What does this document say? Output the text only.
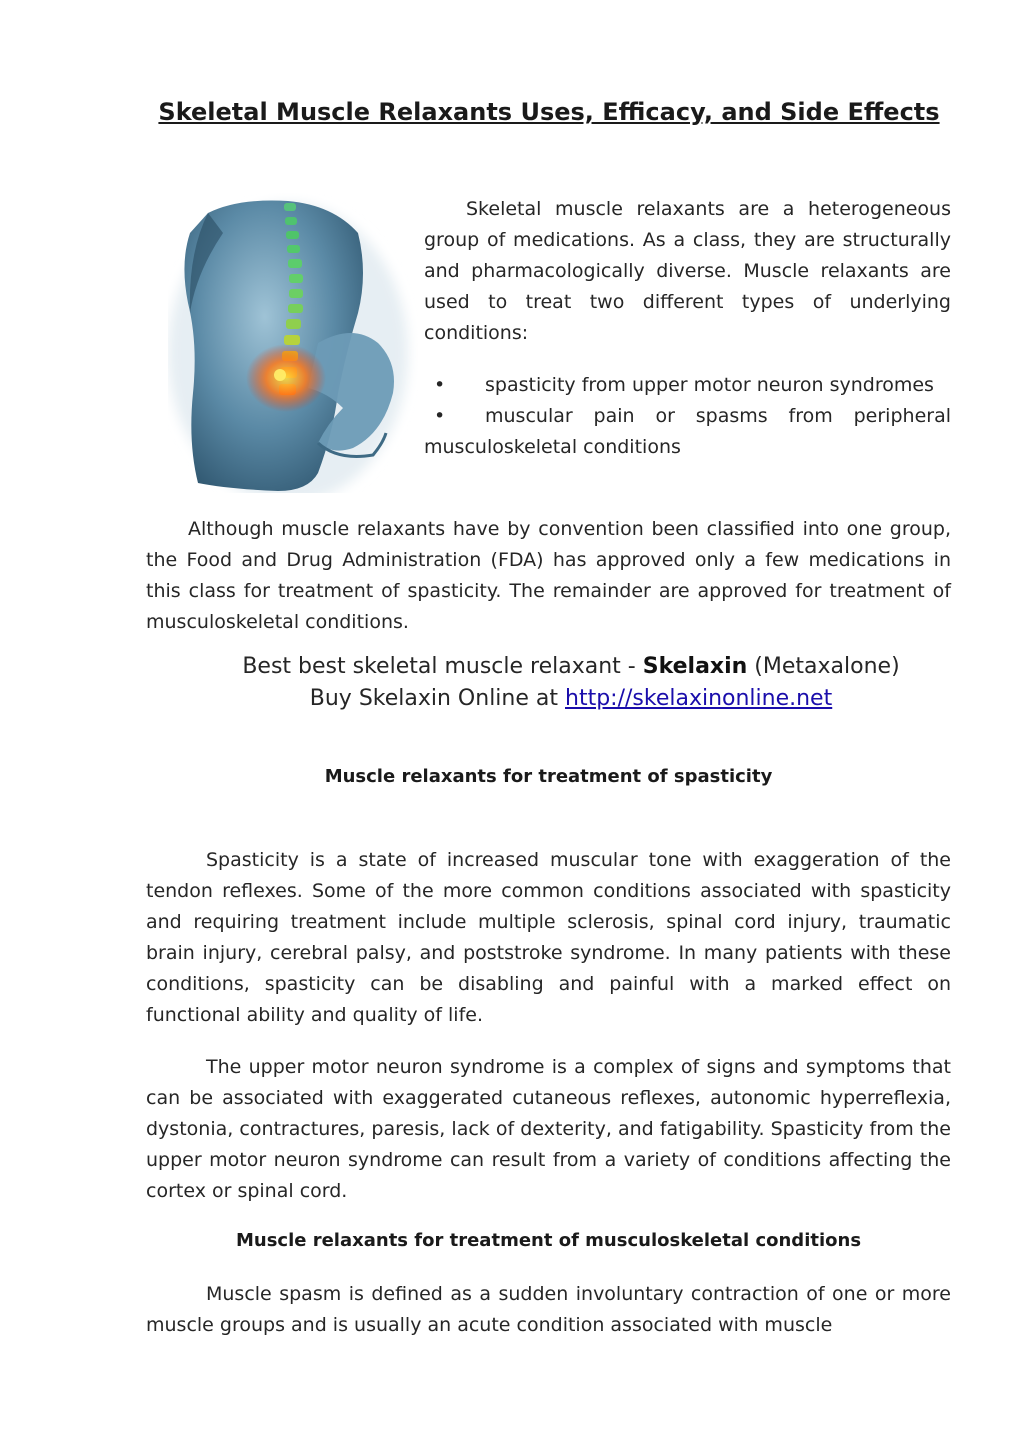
Skeletal Muscle Relaxants Uses, Efficacy, and Side Effects

Skeletal muscle relaxants are a heterogeneous group of medications. As a class, they are structurally and pharmacologically diverse. Muscle relaxants are used to treat two different types of underlying conditions:

• spasticity from upper motor neuron syndromes
• muscular pain or spasms from peripheral musculoskeletal conditions

Although muscle relaxants have by convention been classified into one group, the Food and Drug Administration (FDA) has approved only a few medications in this class for treatment of spasticity. The remainder are approved for treatment of musculoskeletal conditions.

Best best skeletal muscle relaxant - Skelaxin (Metaxalone)
Buy Skelaxin Online at http://skelaxinonline.net
Muscle relaxants for treatment of spasticity

Spasticity is a state of increased muscular tone with exaggeration of the tendon reflexes. Some of the more common conditions associated with spasticity and requiring treatment include multiple sclerosis, spinal cord injury, traumatic brain injury, cerebral palsy, and poststroke syndrome. In many patients with these conditions, spasticity can be disabling and painful with a marked effect on functional ability and quality of life.

The upper motor neuron syndrome is a complex of signs and symptoms that can be associated with exaggerated cutaneous reflexes, autonomic hyperreflexia, dystonia, contractures, paresis, lack of dexterity, and fatigability. Spasticity from the upper motor neuron syndrome can result from a variety of conditions affecting the cortex or spinal cord.

Muscle relaxants for treatment of musculoskeletal conditions

Muscle spasm is defined as a sudden involuntary contraction of one or more muscle groups and is usually an acute condition associated with muscle
